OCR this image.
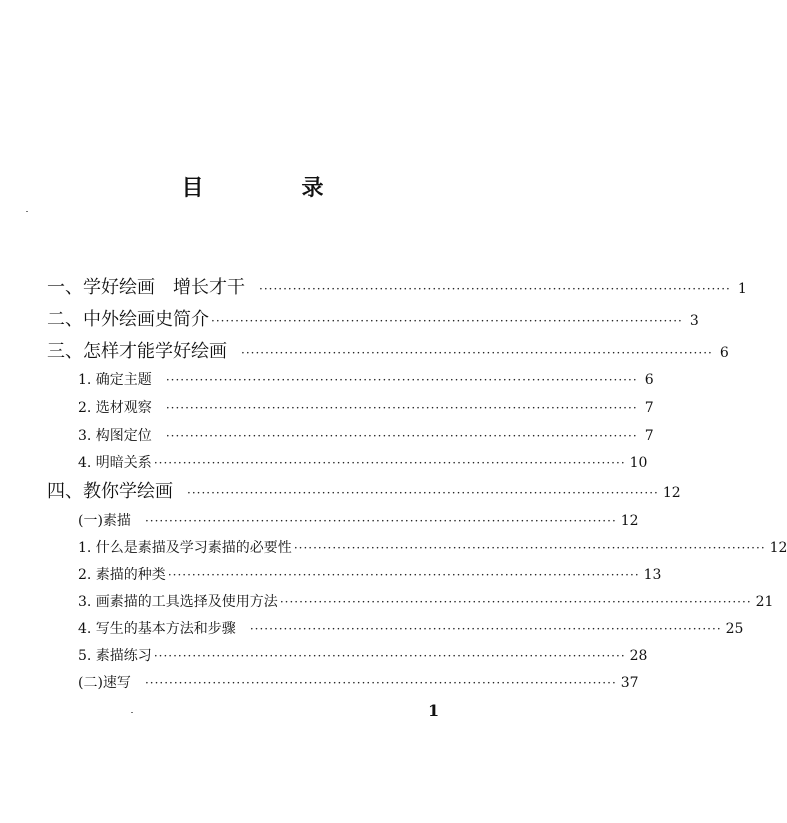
目　录
一、学好绘画　增长才干 ·································································································· 1
二、中外绘画史简介 ·································································································· 3
三、怎样才能学好绘画 ·································································································· 6
1. 确定主题 ·································································································· 6
2. 选材观察 ·································································································· 7
3. 构图定位 ·································································································· 7
4. 明暗关系 ·································································································· 10
四、教你学绘画 ·································································································· 12
(一)素描 ·································································································· 12
1. 什么是素描及学习素描的必要性 ·································································································· 12
2. 素描的种类 ·································································································· 13
3. 画素描的工具选择及使用方法 ·································································································· 21
4. 写生的基本方法和步骤 ·································································································· 25
5. 素描练习 ·································································································· 28
(二)速写 ·································································································· 37
1
